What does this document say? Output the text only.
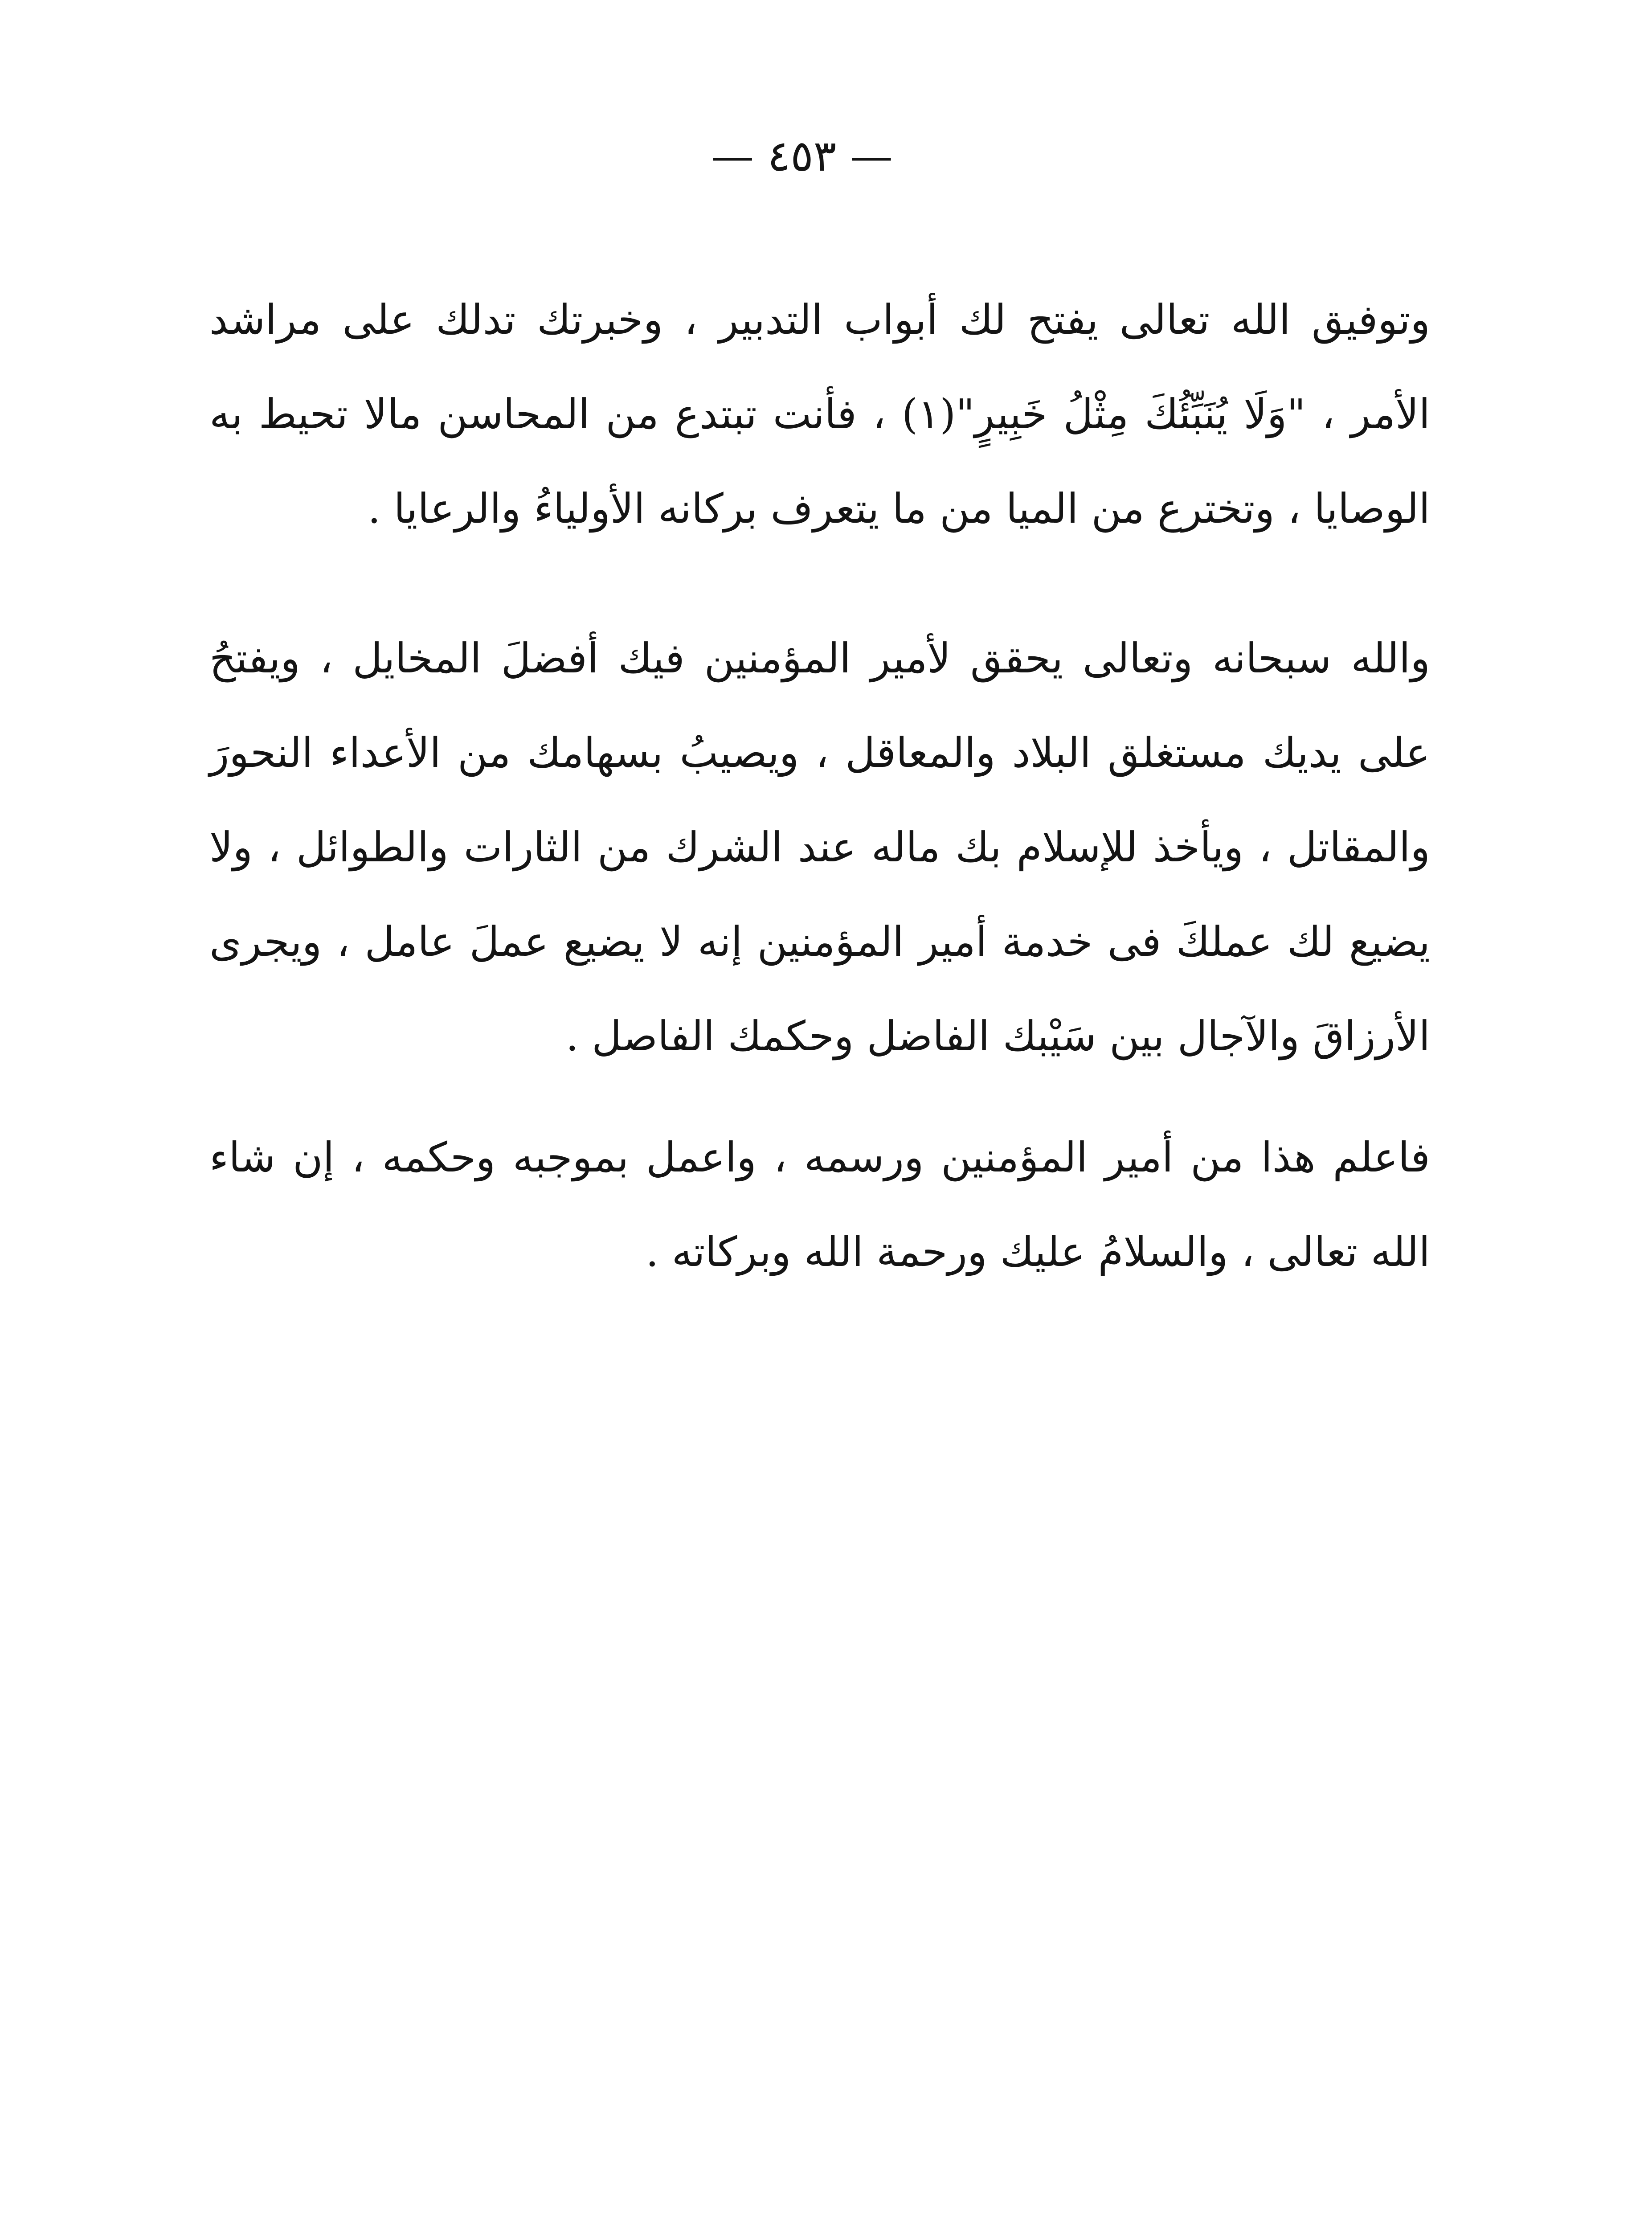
— ٤٥٣ —

وتوفيق الله تعالى يفتح لك أبواب التدبير ، وخبرتك تدلك على مراشد الأمر ، "وَلَا يُنَبِّئُكَ مِثْلُ خَبِيرٍ"(١) ، فأنت تبتدع من المحاسن مالا تحيط به الوصايا ، وتخترع من الميا من ما يتعرف بركانه الأولياءُ والرعايا .

والله سبحانه وتعالى يحقق لأمير المؤمنين فيك أفضلَ المخايل ، ويفتحُ على يديك مستغلق البلاد والمعاقل ، ويصيبُ بسهامك من الأعداء النحورَ والمقاتل ، ويأخذ للإسلام بك ماله عند الشرك من الثارات والطوائل ، ولا يضيع لك عملكَ فى خدمة أمير المؤمنين إنه لا يضيع عملَ عامل ، ويجرى الأرزاقَ والآجال بين سَيْبك الفاضل وحكمك الفاصل .

فاعلم هذا من أمير المؤمنين ورسمه ، واعمل بموجبه وحكمه ، إن شاء الله تعالى ، والسلامُ عليك ورحمة الله وبركاته .
